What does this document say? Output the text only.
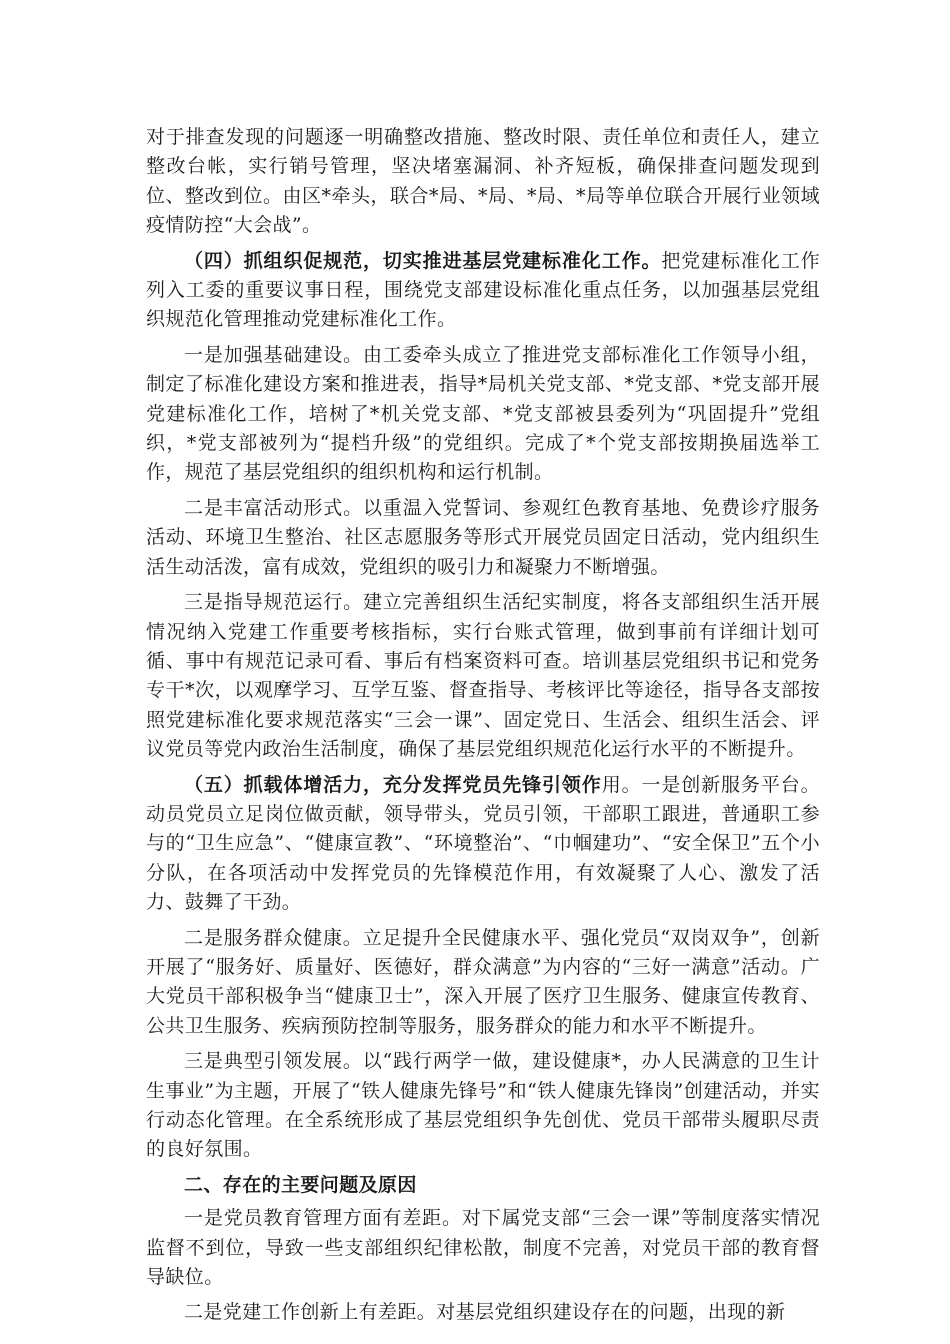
对于排查发现的问题逐一明确整改措施、整改时限、责任单位和责任人，建立整改台帐，实行销号管理，坚决堵塞漏洞、补齐短板，确保排查问题发现到位、整改到位。由区*牵头，联合*局、*局、*局、*局等单位联合开展行业领域疫情防控“大会战”。

（四）抓组织促规范，切实推进基层党建标准化工作。把党建标准化工作列入工委的重要议事日程，围绕党支部建设标准化重点任务，以加强基层党组织规范化管理推动党建标准化工作。

一是加强基础建设。由工委牵头成立了推进党支部标准化工作领导小组，制定了标准化建设方案和推进表，指导*局机关党支部、*党支部、*党支部开展党建标准化工作，培树了*机关党支部、*党支部被县委列为“巩固提升”党组织，*党支部被列为“提档升级”的党组织。完成了*个党支部按期换届选举工作，规范了基层党组织的组织机构和运行机制。

二是丰富活动形式。以重温入党誓词、参观红色教育基地、免费诊疗服务活动、环境卫生整治、社区志愿服务等形式开展党员固定日活动，党内组织生活生动活泼，富有成效，党组织的吸引力和凝聚力不断增强。

三是指导规范运行。建立完善组织生活纪实制度，将各支部组织生活开展情况纳入党建工作重要考核指标，实行台账式管理，做到事前有详细计划可循、事中有规范记录可看、事后有档案资料可查。培训基层党组织书记和党务专干*次，以观摩学习、互学互鉴、督查指导、考核评比等途径，指导各支部按照党建标准化要求规范落实“三会一课”、固定党日、生活会、组织生活会、评议党员等党内政治生活制度，确保了基层党组织规范化运行水平的不断提升。

（五）抓载体增活力，充分发挥党员先锋引领作用。一是创新服务平台。动员党员立足岗位做贡献，领导带头，党员引领，干部职工跟进，普通职工参与的“卫生应急”、“健康宣教”、“环境整治”、“巾帼建功”、“安全保卫”五个小分队，在各项活动中发挥党员的先锋模范作用，有效凝聚了人心、激发了活力、鼓舞了干劲。

二是服务群众健康。立足提升全民健康水平、强化党员“双岗双争”，创新开展了“服务好、质量好、医德好，群众满意”为内容的“三好一满意”活动。广大党员干部积极争当“健康卫士”，深入开展了医疗卫生服务、健康宣传教育、公共卫生服务、疾病预防控制等服务，服务群众的能力和水平不断提升。

三是典型引领发展。以“践行两学一做，建设健康*，办人民满意的卫生计生事业”为主题，开展了“铁人健康先锋号”和“铁人健康先锋岗”创建活动，并实行动态化管理。在全系统形成了基层党组织争先创优、党员干部带头履职尽责的良好氛围。

二、存在的主要问题及原因

一是党员教育管理方面有差距。对下属党支部“三会一课”等制度落实情况监督不到位，导致一些支部组织纪律松散，制度不完善，对党员干部的教育督导缺位。

二是党建工作创新上有差距。对基层党组织建设存在的问题，出现的新
